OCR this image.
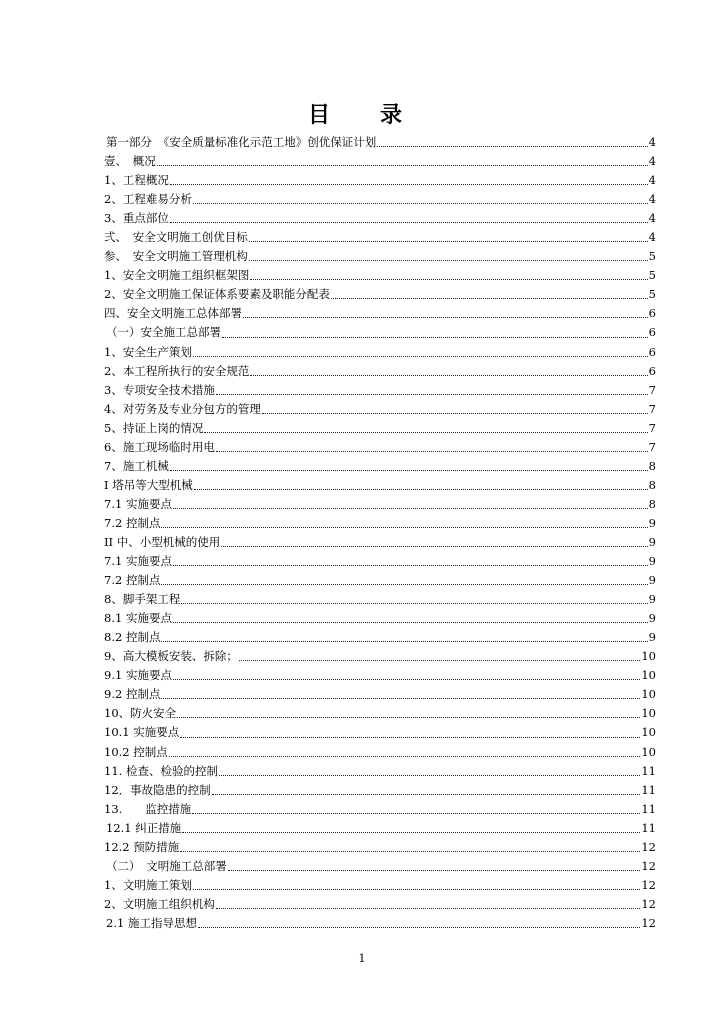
目　录
第一部分　《安全质量标准化示范工地》创优保证计划	4
壹、　概况	4
1、工程概况	4
2、工程难易分析	4
3、重点部位	4
弍、　安全文明施工创优目标	4
参、　安全文明施工管理机构	5
1、安全文明施工组织框架图	5
2、安全文明施工保证体系要素及职能分配表	5
四、安全文明施工总体部署	6
（一）安全施工总部署	6
1、安全生产策划	6
2、本工程所执行的安全规范	6
3、专项安全技术措施	7
4、对劳务及专业分包方的管理	7
5、持证上岗的情况	7
6、施工现场临时用电	7
7、施工机械	8
I 塔吊等大型机械	8
7.1 实施要点	8
7.2 控制点	9
II 中、小型机械的使用	9
7.1 实施要点	9
7.2 控制点	9
8、脚手架工程	9
8.1 实施要点	9
8.2 控制点	9
9、高大模板安装、拆除；	10
9.1 实施要点	10
9.2 控制点	10
10、防火安全	10
10.1 实施要点	10
10.2 控制点	10
11. 检查、检验的控制	11
12．事故隐患的控制	11
13.　　监控措施	11
12.1 纠正措施	11
12.2 预防措施	12
（二）　文明施工总部署	12
1、文明施工策划	12
2、文明施工组织机构	12
2.1 施工指导思想	12
1
